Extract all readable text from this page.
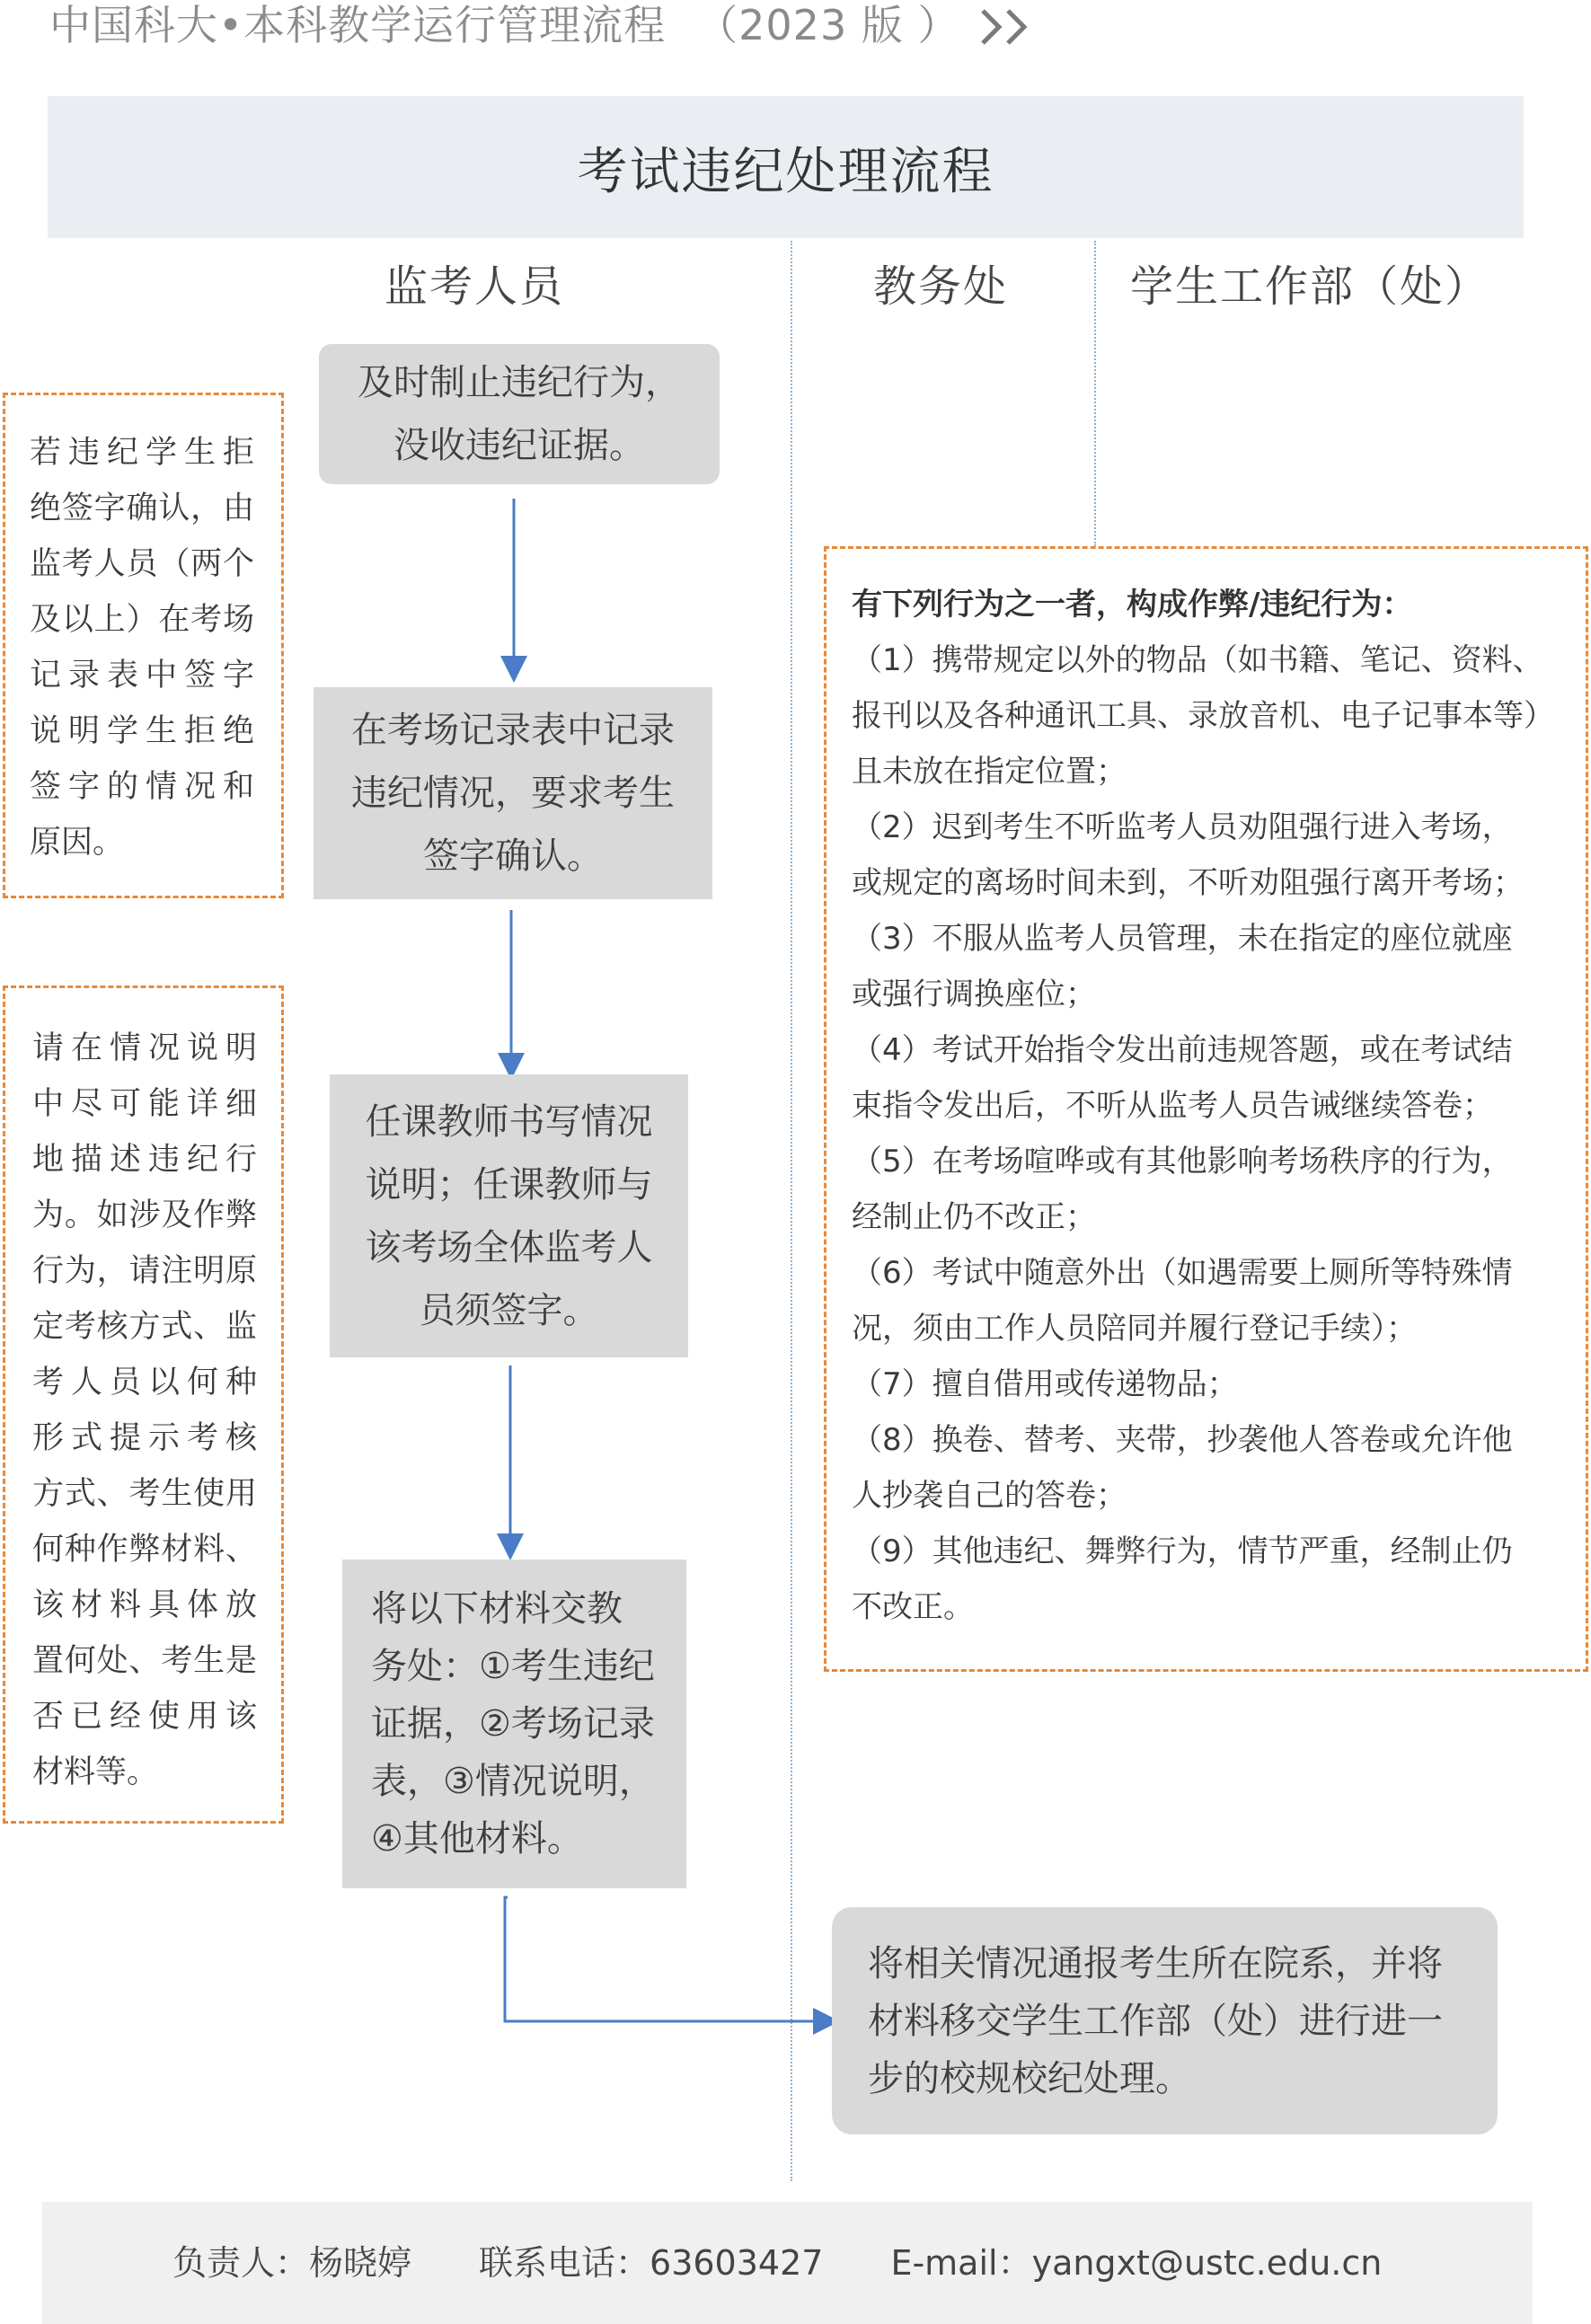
中国科大•本科教学运行管理流程 （2023 版 ）
考试违纪处理流程
监考人员	教务处	学生工作部（处）
及时制止违纪行为，
没收违纪证据。
在考场记录表中记录
违纪情况，要求考生
签字确认。
任课教师书写情况
说明；任课教师与
该考场全体监考人
员须签字。
将以下材料交教
务处：①考生违纪
证据，②考场记录
表，③情况说明，
④其他材料。
将相关情况通报考生所在院系，并将
材料移交学生工作部（处）进行进一
步的校规校纪处理。
若违纪学生拒
绝签字确认，由
监考人员（两个
及以上）在考场
记录表中签字
说明学生拒绝
签字的情况和
原因。
请在情况说明
中尽可能详细
地描述违纪行
为。如涉及作弊
行为，请注明原
定考核方式、监
考人员以何种
形式提示考核
方式、考生使用
何种作弊材料、
该材料具体放
置何处、考生是
否已经使用该
材料等。
有下列行为之一者，构成作弊/违纪行为：
（1）携带规定以外的物品（如书籍、笔记、资料、
报刊以及各种通讯工具、录放音机、电子记事本等）
且未放在指定位置；
（2）迟到考生不听监考人员劝阻强行进入考场，
或规定的离场时间未到，不听劝阻强行离开考场；
（3）不服从监考人员管理，未在指定的座位就座
或强行调换座位；
（4）考试开始指令发出前违规答题，或在考试结
束指令发出后，不听从监考人员告诫继续答卷；
（5）在考场喧哗或有其他影响考场秩序的行为，
经制止仍不改正；
（6）考试中随意外出（如遇需要上厕所等特殊情
况，须由工作人员陪同并履行登记手续）；
（7）擅自借用或传递物品；
（8）换卷、替考、夹带，抄袭他人答卷或允许他
人抄袭自己的答卷；
（9）其他违纪、舞弊行为，情节严重，经制止仍
不改正。
负责人：杨晓婷 联系电话：63603427 E-mail：yangxt@ustc.edu.cn
